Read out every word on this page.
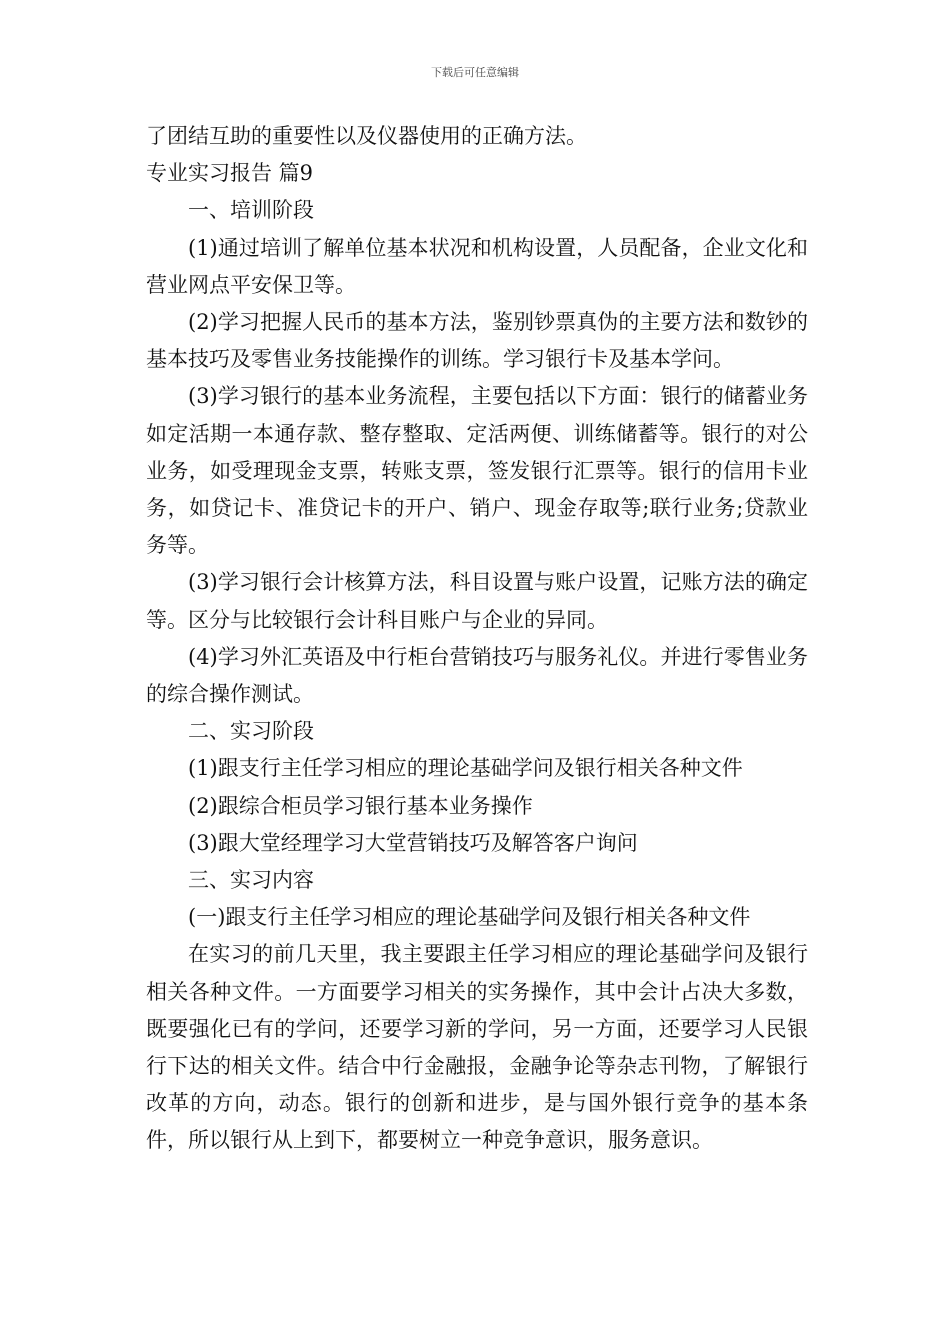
下载后可任意编辑

了团结互助的重要性以及仪器使用的正确方法。

专业实习报告 篇9

一、培训阶段

(1)通过培训了解单位基本状况和机构设置，人员配备，企业文化和营业网点平安保卫等。

(2)学习把握人民币的基本方法，鉴别钞票真伪的主要方法和数钞的基本技巧及零售业务技能操作的训练。学习银行卡及基本学问。

(3)学习银行的基本业务流程，主要包括以下方面：银行的储蓄业务如定活期一本通存款、整存整取、定活两便、训练储蓄等。银行的对公业务，如受理现金支票，转账支票，签发银行汇票等。银行的信用卡业务，如贷记卡、准贷记卡的开户、销户、现金存取等;联行业务;贷款业务等。

(3)学习银行会计核算方法，科目设置与账户设置，记账方法的确定等。区分与比较银行会计科目账户与企业的异同。

(4)学习外汇英语及中行柜台营销技巧与服务礼仪。并进行零售业务的综合操作测试。

二、实习阶段

(1)跟支行主任学习相应的理论基础学问及银行相关各种文件

(2)跟综合柜员学习银行基本业务操作

(3)跟大堂经理学习大堂营销技巧及解答客户询问

三、实习内容

(一)跟支行主任学习相应的理论基础学问及银行相关各种文件

在实习的前几天里，我主要跟主任学习相应的理论基础学问及银行相关各种文件。一方面要学习相关的实务操作，其中会计占决大多数，既要强化已有的学问，还要学习新的学问，另一方面，还要学习人民银行下达的相关文件。结合中行金融报，金融争论等杂志刊物，了解银行改革的方向，动态。银行的创新和进步，是与国外银行竞争的基本条件，所以银行从上到下，都要树立一种竞争意识，服务意识。
